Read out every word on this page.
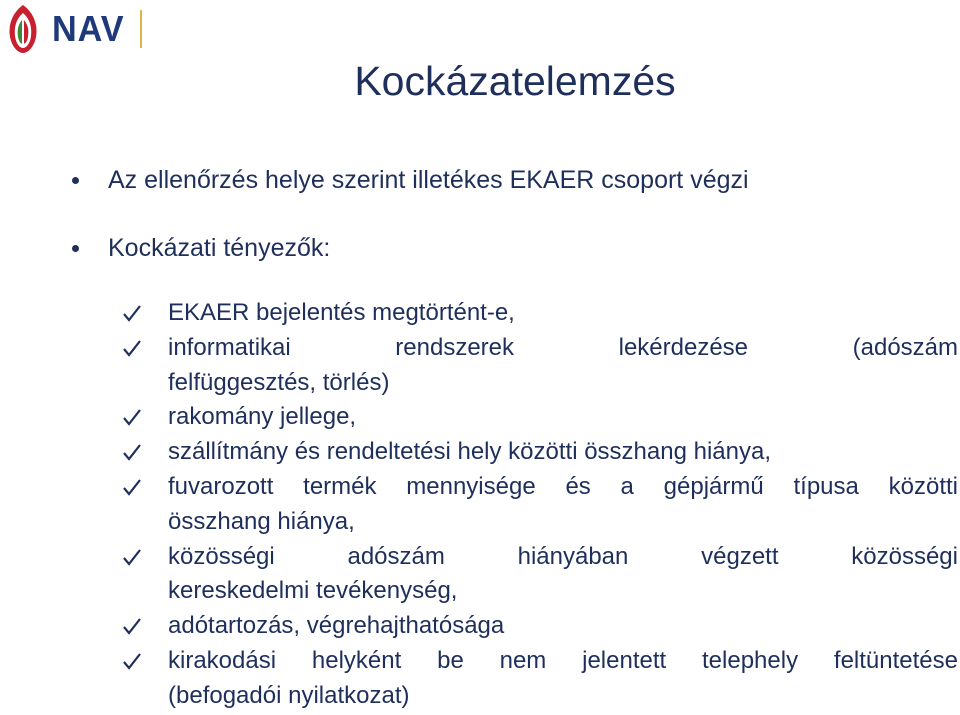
NAV
Kockázatelemzés
Az ellenőrzés helye szerint illetékes EKAER csoport végzi
Kockázati tényezők:
EKAER bejelentés megtörtént-e,
informatikai rendszerek lekérdezése (adószám
felfüggesztés, törlés)
rakomány jellege,
szállítmány és rendeltetési hely közötti összhang hiánya,
fuvarozott termék mennyisége és a gépjármű típusa közötti
összhang hiánya,
közösségi adószám hiányában végzett közösségi
kereskedelmi tevékenység,
adótartozás, végrehajthatósága
kirakodási helyként be nem jelentett telephely feltüntetése
(befogadói nyilatkozat)
